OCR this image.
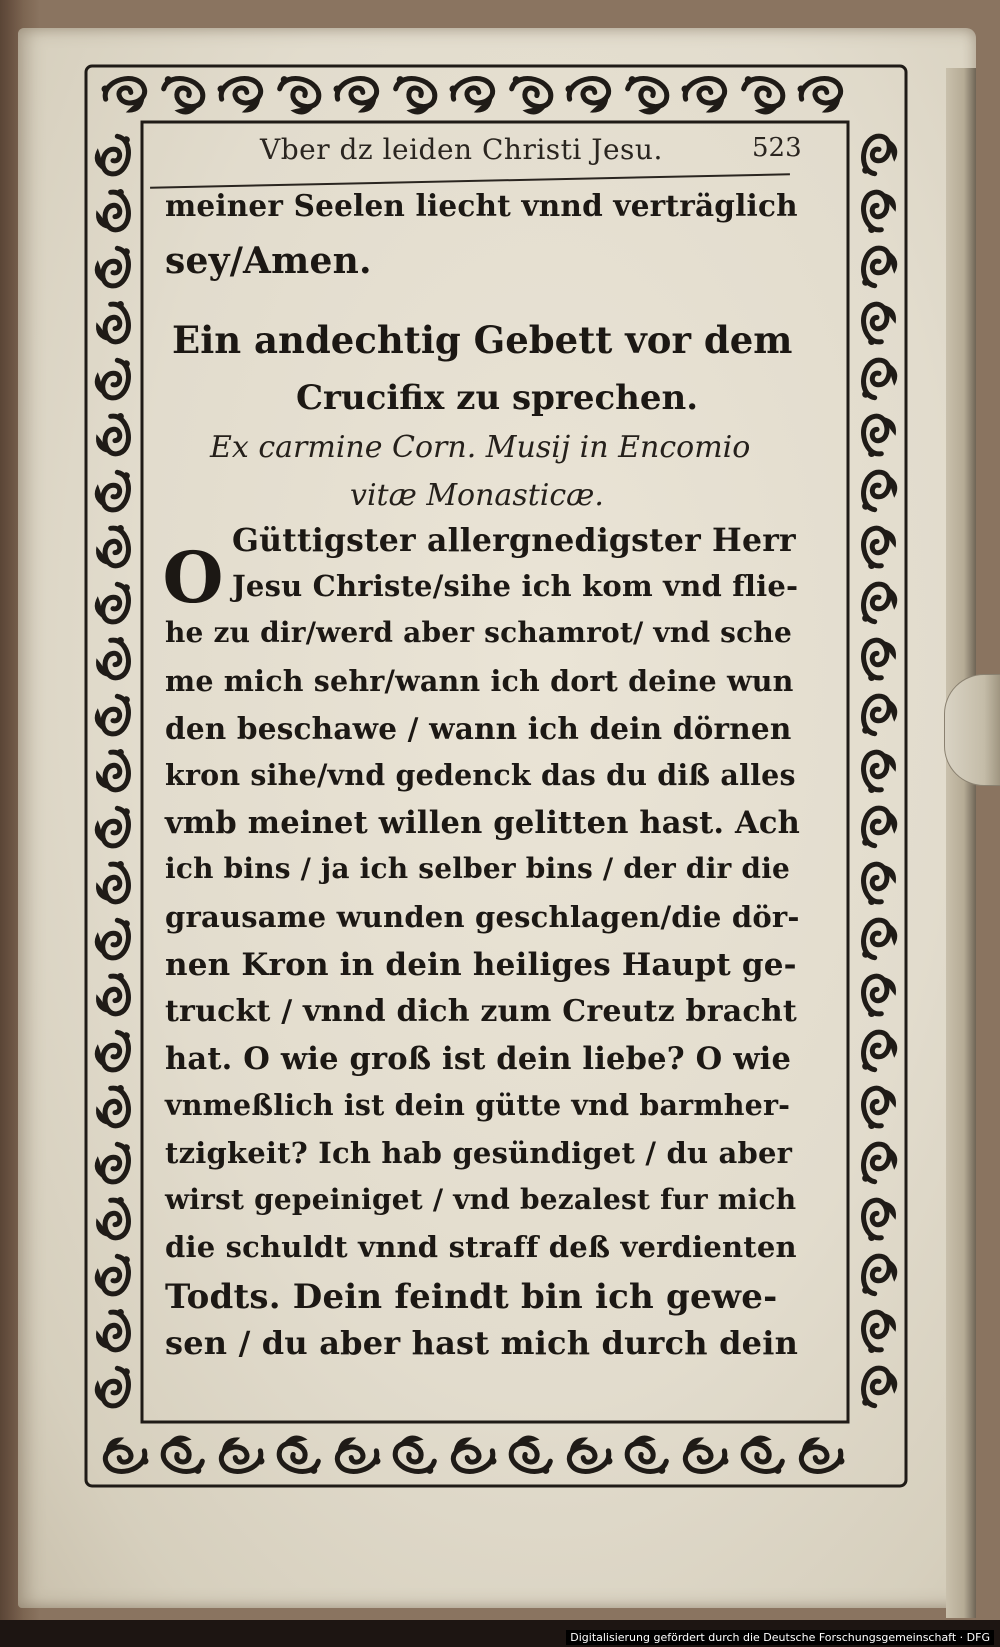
Vber dz leiden Christi Jesu.	523
meiner Seelen liecht vnnd verträglich
sey/Amen.
Ein andechtig Gebett vor dem
Crucifix zu sprechen.
Ex carmine Corn. Musij in Encomio
vitæ Monasticæ.
O Güttigster allergnedigster Herr
Jesu Christe/sihe ich kom vnd flie-
he zu dir/werd aber schamrot/ vnd sche
me mich sehr/wann ich dort deine wun
den beschawe / wann ich dein dörnen
kron sihe/vnd gedenck das du diß alles
vmb meinet willen gelitten hast. Ach
ich bins / ja ich selber bins / der dir die
grausame wunden geschlagen/die dör-
nen Kron in dein heiliges Haupt ge-
truckt / vnnd dich zum Creutz bracht
hat. O wie groß ist dein liebe? O wie
vnmeßlich ist dein gütte vnd barmher-
tzigkeit? Ich hab gesündiget / du aber
wirst gepeiniget / vnd bezalest fur mich
die schuldt vnnd straff deß verdienten
Todts. Dein feindt bin ich gewe-
sen / du aber hast mich durch dein
Digitalisierung gefördert durch die Deutsche Forschungsgemeinschaft · DFG
